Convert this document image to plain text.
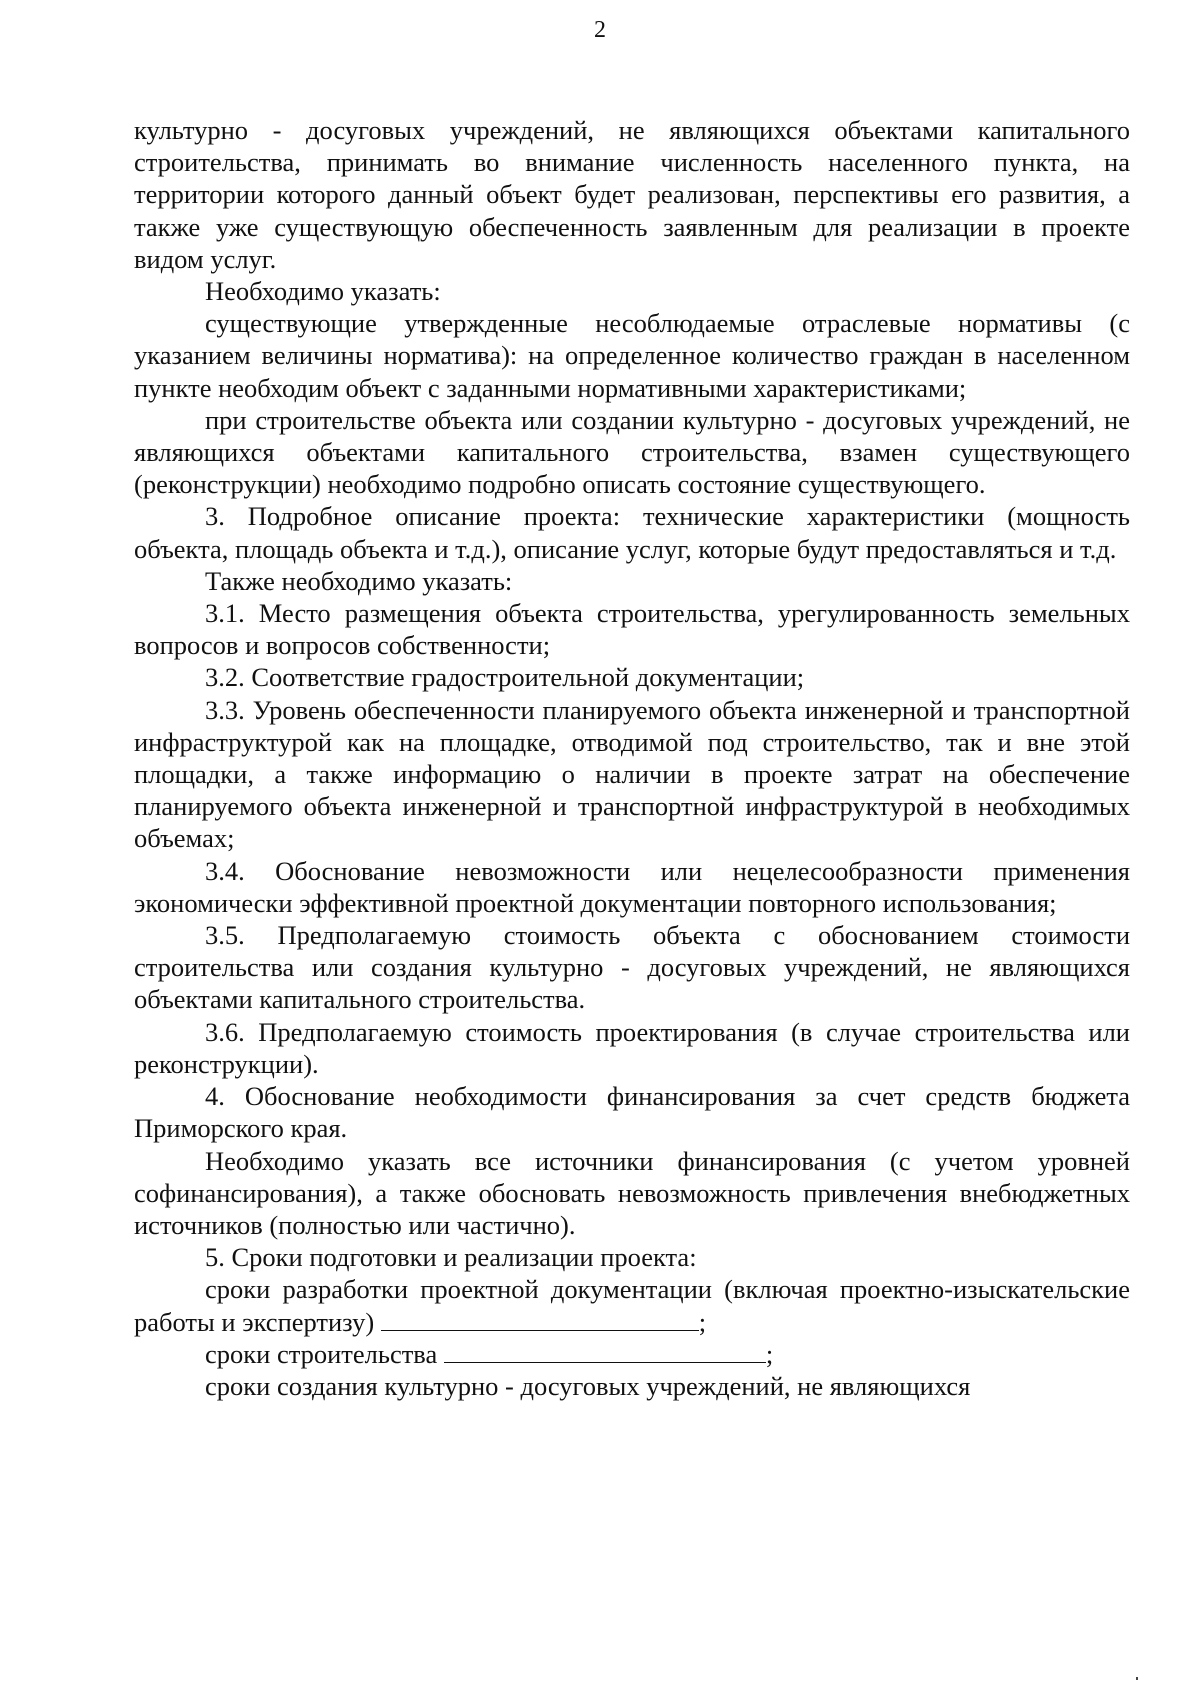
2

культурно - досуговых учреждений, не являющихся объектами капитального строительства, принимать во внимание численность населенного пункта, на территории которого данный объект будет реализован, перспективы его развития, а также уже существующую обеспеченность заявленным для реализации в проекте видом услуг.

Необходимо указать:

существующие утвержденные несоблюдаемые отраслевые нормативы (с указанием величины норматива): на определенное количество граждан в населенном пункте необходим объект с заданными нормативными характеристиками;

при строительстве объекта или создании культурно - досуговых учреждений, не являющихся объектами капитального строительства, взамен существующего (реконструкции) необходимо подробно описать состояние существующего.

3. Подробное описание проекта: технические характеристики (мощность объекта, площадь объекта и т.д.), описание услуг, которые будут предоставляться и т.д.

Также необходимо указать:

3.1. Место размещения объекта строительства, урегулированность земельных вопросов и вопросов собственности;

3.2. Соответствие градостроительной документации;

3.3. Уровень обеспеченности планируемого объекта инженерной и транспортной инфраструктурой как на площадке, отводимой под строительство, так и вне этой площадки, а также информацию о наличии в проекте затрат на обеспечение планируемого объекта инженерной и транспортной инфраструктурой в необходимых объемах;

3.4. Обоснование невозможности или нецелесообразности применения экономически эффективной проектной документации повторного использования;

3.5. Предполагаемую стоимость объекта с обоснованием стоимости строительства или создания культурно - досуговых учреждений, не являющихся объектами капитального строительства.

3.6. Предполагаемую стоимость проектирования (в случае строительства или реконструкции).

4. Обоснование необходимости финансирования за счет средств бюджета Приморского края.

Необходимо указать все источники финансирования (с учетом уровней софинансирования), а также обосновать невозможность привлечения внебюджетных источников (полностью или частично).

5. Сроки подготовки и реализации проекта:

сроки разработки проектной документации (включая проектно-изыскательские работы и экспертизу)	;

сроки строительства	;

сроки создания культурно - досуговых учреждений, не являющихся
